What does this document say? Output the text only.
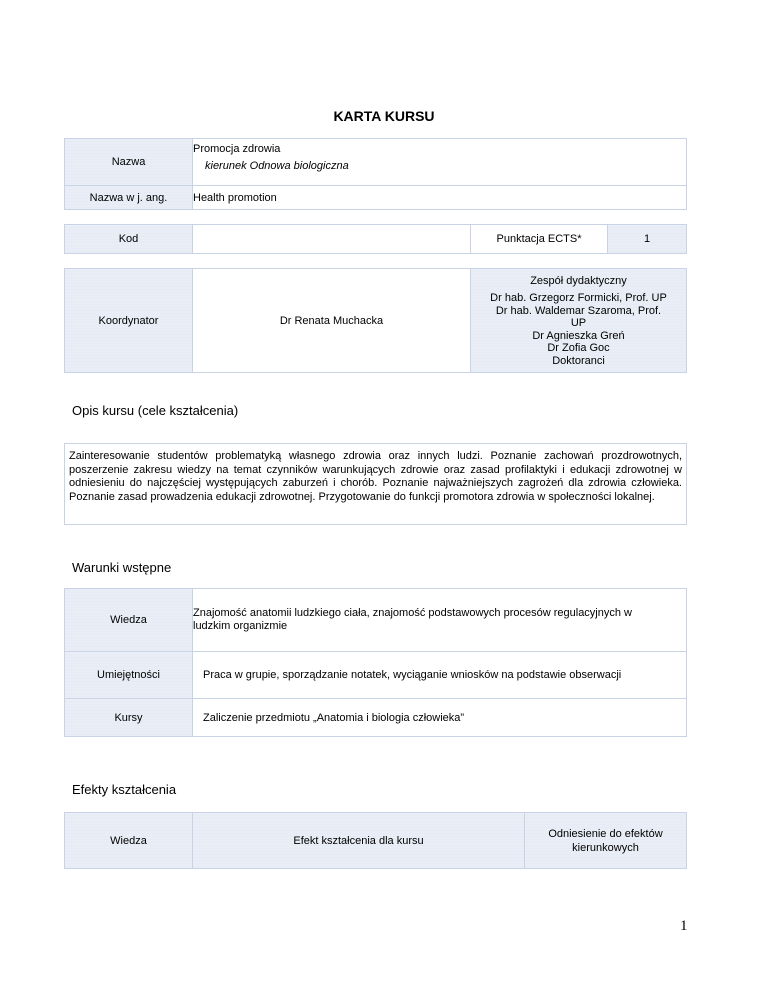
KARTA KURSU
Nazwa	Promocja zdrowia
kierunek Odnowa biologiczna

Nazwa w j. ang.	Health promotion
Kod		Punktacja ECTS*	1
Koordynator	Dr Renata Muchacka	
Zespół dydaktyczny
Dr hab. Grzegorz Formicki, Prof. UP
Dr hab. Waldemar Szaroma, Prof.
UP
Dr Agnieszka Greń
Dr Zofia Goc
Doktoranci
Opis kursu (cele kształcenia)
Zainteresowanie studentów problematyką własnego zdrowia oraz innych ludzi. Poznanie zachowań prozdrowotnych, poszerzenie zakresu wiedzy na temat czynników warunkujących zdrowie oraz zasad profilaktyki i edukacji zdrowotnej w odniesieniu do najczęściej występujących zaburzeń i chorób. Poznanie najważniejszych zagrożeń dla zdrowia człowieka. Poznanie zasad prowadzenia edukacji zdrowotnej. Przygotowanie do funkcji promotora zdrowia w społeczności lokalnej.
Warunki wstępne
Wiedza	Znajomość anatomii ludzkiego ciała, znajomość podstawowych procesów regulacyjnych w ludzkim organizmie
Umiejętności	Praca w grupie, sporządzanie notatek, wyciąganie wniosków na podstawie obserwacji
Kursy	Zaliczenie przedmiotu „Anatomia i biologia człowieka”
Efekty kształcenia
Wiedza	Efekt kształcenia dla kursu	Odniesienie do efektów kierunkowych
1
